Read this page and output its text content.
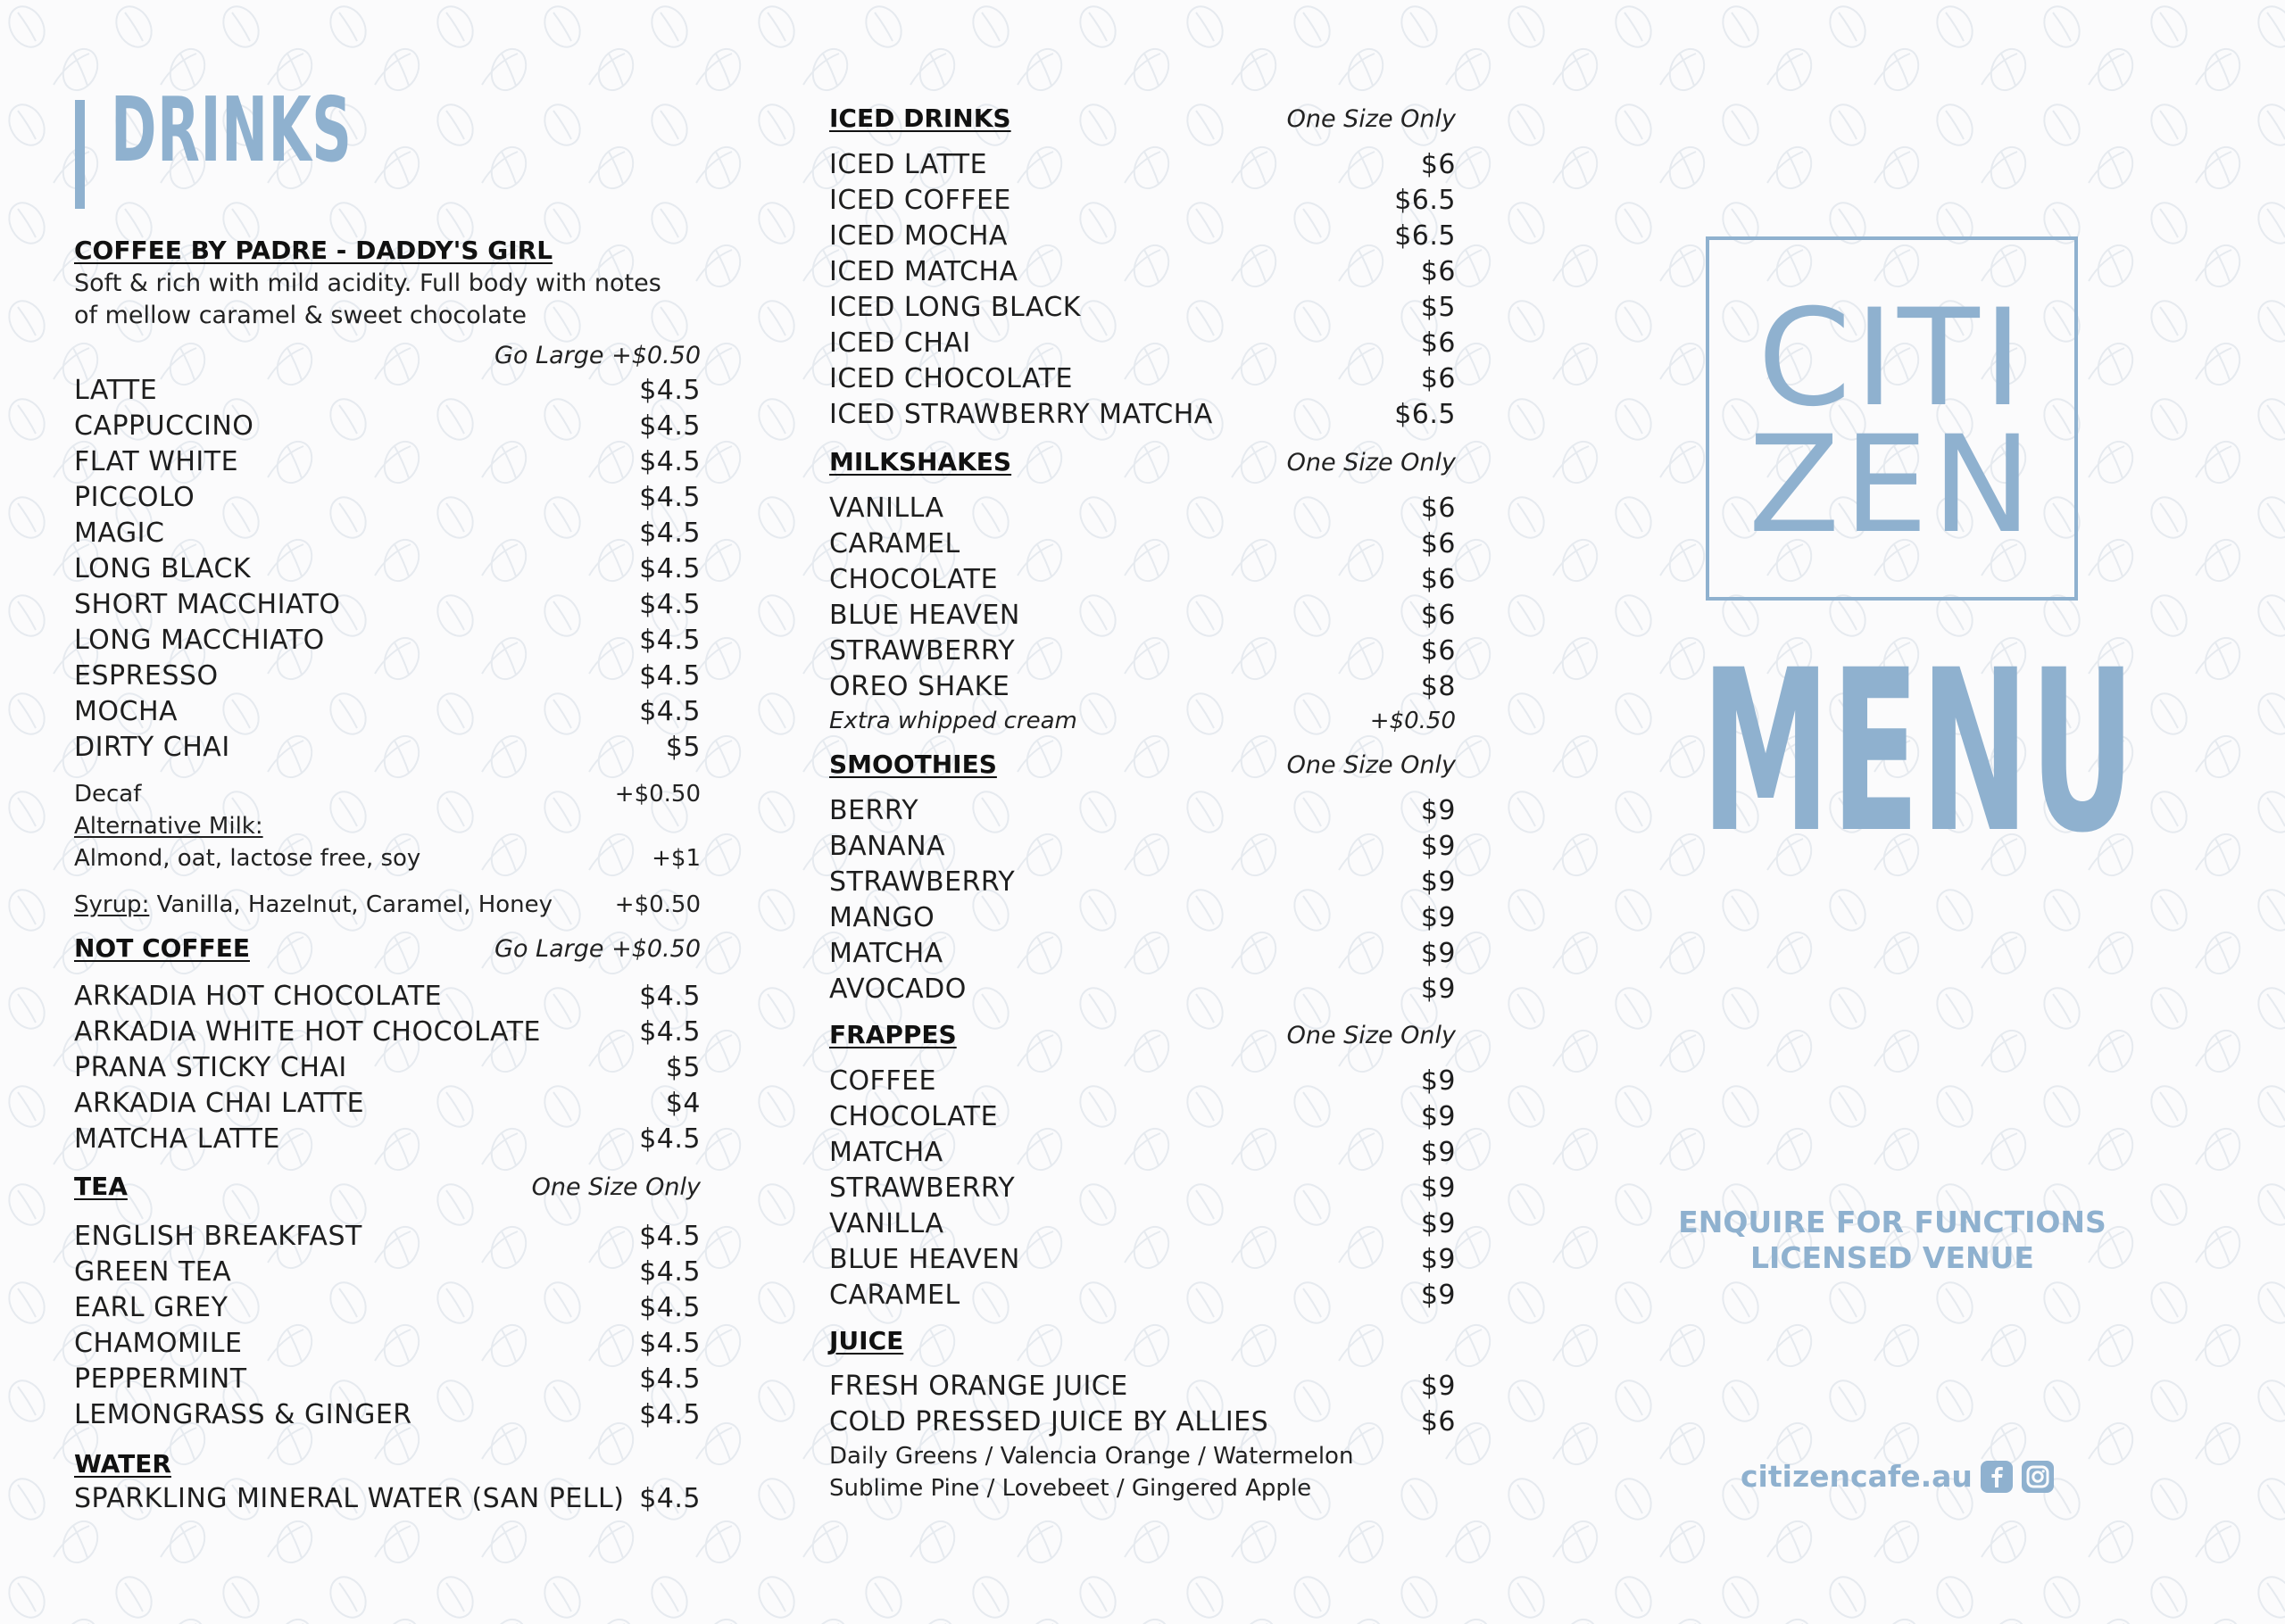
DRINKS
COFFEE BY PADRE - DADDY'S GIRL
Soft & rich with mild acidity. Full body with notes
of mellow caramel & sweet chocolate
Go Large +$0.50
LATTE	$4.5
CAPPUCCINO	$4.5
FLAT WHITE	$4.5
PICCOLO	$4.5
MAGIC	$4.5
LONG BLACK	$4.5
SHORT MACCHIATO	$4.5
LONG MACCHIATO	$4.5
ESPRESSO	$4.5
MOCHA	$4.5
DIRTY CHAI	$5
Decaf	+$0.50
Alternative Milk:
Almond, oat, lactose free, soy	+$1
Syrup: Vanilla, Hazelnut, Caramel, Honey	+$0.50
NOT COFFEE	Go Large +$0.50
ARKADIA HOT CHOCOLATE	$4.5
ARKADIA WHITE HOT CHOCOLATE	$4.5
PRANA STICKY CHAI	$5
ARKADIA CHAI LATTE	$4
MATCHA LATTE	$4.5
TEA	One Size Only
ENGLISH BREAKFAST	$4.5
GREEN TEA	$4.5
EARL GREY	$4.5
CHAMOMILE	$4.5
PEPPERMINT	$4.5
LEMONGRASS & GINGER	$4.5
WATER
SPARKLING MINERAL WATER (SAN PELL) $4.5
ICED DRINKS	One Size Only
ICED LATTE	$6
ICED COFFEE	$6.5
ICED MOCHA	$6.5
ICED MATCHA	$6
ICED LONG BLACK	$5
ICED CHAI	$6
ICED CHOCOLATE	$6
ICED STRAWBERRY MATCHA	$6.5
MILKSHAKES	One Size Only
VANILLA	$6
CARAMEL	$6
CHOCOLATE	$6
BLUE HEAVEN	$6
STRAWBERRY	$6
OREO SHAKE	$8
Extra whipped cream	+$0.50
SMOOTHIES	One Size Only
BERRY	$9
BANANA	$9
STRAWBERRY	$9
MANGO	$9
MATCHA	$9
AVOCADO	$9
FRAPPES	One Size Only
COFFEE	$9
CHOCOLATE	$9
MATCHA	$9
STRAWBERRY	$9
VANILLA	$9
BLUE HEAVEN	$9
CARAMEL	$9
JUICE
FRESH ORANGE JUICE	$9
COLD PRESSED JUICE BY ALLIES	$6
Daily Greens / Valencia Orange / Watermelon
Sublime Pine / Lovebeet / Gingered Apple
CITI
ZEN
MENU
ENQUIRE FOR FUNCTIONS
LICENSED VENUE
citizencafe.au
